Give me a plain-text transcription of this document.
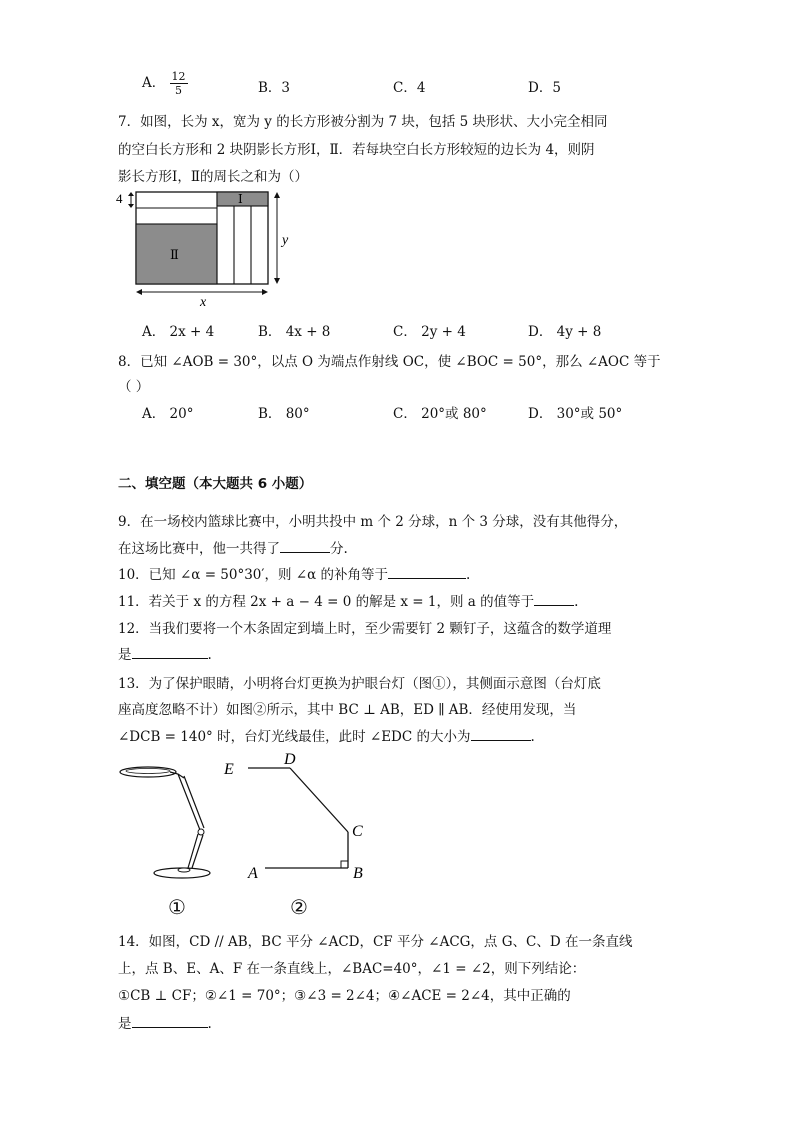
A． $\frac{12}{5}$	B．3	C．4	D．5
7．如图，长为 x，宽为 y 的长方形被分割为 7 块，包括 5 块形状、大小完全相同
的空白长方形和 2 块阴影长方形Ⅰ，Ⅱ．若每块空白长方形较短的边长为 4，则阴
影长方形Ⅰ，Ⅱ的周长之和为（）
4	Ⅰ
Ⅱ
y
x
A． 2x + 4	B． 4x + 8	C． 2y + 4	D． 4y + 8
8．已知 ∠AOB = 30°，以点 O 为端点作射线 OC，使 ∠BOC = 50°，那么 ∠AOC 等于
（ ）
A． 20°	B． 80°	C． 20°或 80°	D． 30°或 50°
二、填空题（本大题共 6 小题）
9．在一场校内篮球比赛中，小明共投中 m 个 2 分球，n 个 3 分球，没有其他得分，
在这场比赛中，他一共得了	分.
10．已知 ∠α = 50°30′，则 ∠α 的补角等于	.
11．若关于 x 的方程 2x + a − 4 = 0 的解是 x = 1，则 a 的值等于	.
12．当我们要将一个木条固定到墙上时，至少需要钉 2 颗钉子，这蕴含的数学道理
是	.
13．为了保护眼睛，小明将台灯更换为护眼台灯（图①），其侧面示意图（台灯底
座高度忽略不计）如图②所示，其中 BC ⊥ AB，ED ∥ AB．经使用发现，当
∠DCB = 140° 时，台灯光线最佳，此时 ∠EDC 的大小为	.
①
E
D
C
A	B
②
14．如图，CD // AB，BC 平分 ∠ACD，CF 平分 ∠ACG，点 G、C、D 在一条直线
上，点 B、E、A、F 在一条直线上，∠BAC=40°，∠1 = ∠2，则下列结论：
①CB ⊥ CF；②∠1 = 70°；③∠3 = 2∠4；④∠ACE = 2∠4，其中正确的
是	.
